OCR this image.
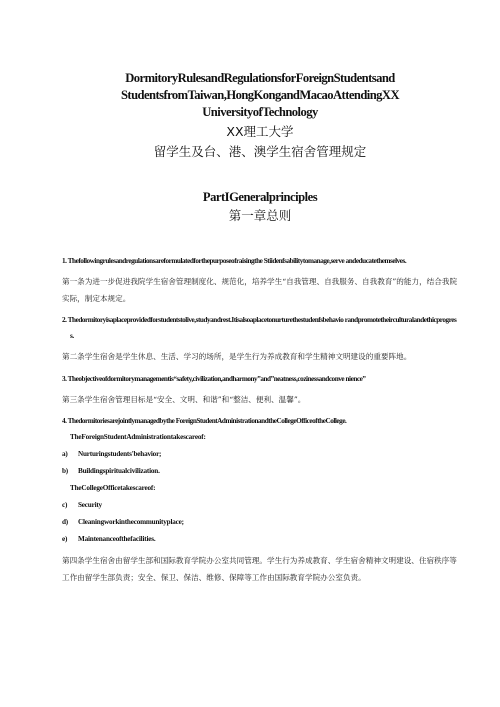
DormitoryRulesandRegulationsforForeignStudentsand

StudentsfromTaiwan,HongKongandMacaoAttendingXX

UniversityofTechnology

XX理工大学

留学生及台、港、澳学生宿舍管理规定

PartIGeneralprinciples

第一章总则

1. Thefollowingrulesandregulationsareformulatedforthepurposeofraisingthe Stiidenfsabilitytomanage,serve andeducatethemselves.

第一条为进一步促进我院学生宿舍管理制度化、规范化，培养学生“自我管理、自我服务、自我教育”的能力，结合我院实际，制定本规定。

2. Thedormitoryisaplaceprovidedforstudentstolive,studyandrest.Itisalsoaplacetonurturethestudenfsbehavio randpromotetheirculturalandethicprogress.

第二条学生宿舍是学生休息、生活、学习的场所，是学生行为养成教育和学生精神文明建设的重要阵地。

3. Theobjectiveofdormitorymanagementis“safety,civilization,andharmony”and”neatness,cozinessandconve nience”

第三条学生宿舍管理目标是“安全、文明、和谐”和“整洁、便利、温馨”。

4. Thedormitoriesarejointlymanagedbythe ForeignStudentAdministrationandtheCollegeOfficeoftheCollege.

TheForeignStudentAdministrationtakescareof:
a)	Nurturingstudents'behavior;
b)	Buildingspiritualcivilization.
TheCollegeOfficetakescareof:
c)	Security
d)	Cleaningworkinthecommunityplace;
e)	Maintenanceofthefacilities.

第四条学生宿舍由留学生部和国际教育学院办公室共同管理。学生行为养成教育、学生宿舍精神文明建设、住宿秩序等工作由留学生部负责；安全、保卫、保洁、维修、保障等工作由国际教育学院办公室负责。
